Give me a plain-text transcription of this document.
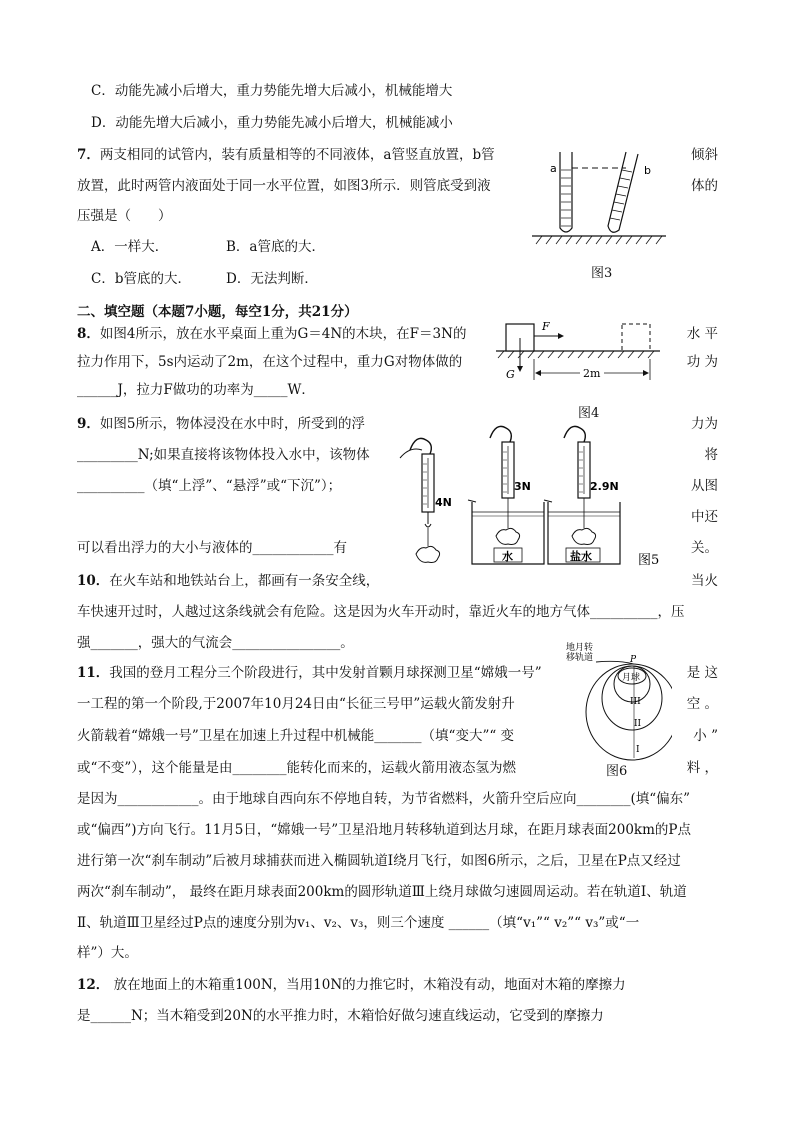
C．动能先减小后增大，重力势能先增大后减小，机械能增大
D．动能先增大后减小，重力势能先减小后增大，机械能减小
7．两支相同的试管内，装有质量相等的不同液体，a管竖直放置，b管	倾斜
放置，此时两管内液面处于同一水平位置，如图3所示．则管底受到液	体的
压强是（　　）
A．一样大．	B．a管底的大．
C．b管底的大．	D．无法判断．
a	b
图3
二、填空题（本题7小题，每空1分，共21分）
8．如图4所示，放在水平桌面上重为G＝4N的木块，在F＝3N的	水 平
拉力作用下，5s内运动了2m，在这个过程中，重力G对物体做的	功 为
______J，拉力F做功的功率为_____W．
F
G	2m
图4
9．如图5所示，物体浸没在水中时，所受到的浮	力为
_________N;如果直接将该物体投入水中，该物体	将
__________（填“上浮”、“悬浮”或“下沉”）；	从图
中还
可以看出浮力的大小与液体的____________有	关。
4N
3N
水
2.9N
盐水	图5
10．在火车站和地铁站台上，都画有一条安全线，	当火
车快速开过时，人越过这条线就会有危险。这是因为火车开动时，靠近火车的地方气体__________，压
强_______，强大的气流会________________。
11．我国的登月工程分三个阶段进行，其中发射首颗月球探测卫星“嫦娥一号”	是 这
一工程的第一个阶段,于2007年10月24日由“长征三号甲”运载火箭发射升	空 。
火箭载着“嫦娥一号”卫星在加速上升过程中机械能_______（填“变大”“ 变	小 ”
或“不变”），这个能量是由________能转化而来的，运载火箭用液态氢为燃	料 ，
是因为____________。由于地球自西向东不停地自转，为节省燃料，火箭升空后应向________(填“偏东”
或“偏西”)方向飞行。11月5日，“嫦娥一号”卫星沿地月转移轨道到达月球，在距月球表面200km的P点
进行第一次“刹车制动”后被月球捕获而进入椭圆轨道Ⅰ绕月飞行，如图6所示，之后，卫星在P点又经过
两次“刹车制动”， 最终在距月球表面200km的圆形轨道Ⅲ上绕月球做匀速圆周运动。若在轨道Ⅰ、轨道
Ⅱ、轨道Ⅲ卫星经过P点的速度分别为v₁、v₂、v₃，则三个速度 ______（填“v₁”“ v₂”“ v₃”或“一
样”）大。
地月转
移轨道	P
月球
III
II
I
图6
12． 放在地面上的木箱重100N，当用10N的力推它时，木箱没有动，地面对木箱的摩擦力
是______N；当木箱受到20N的水平推力时，木箱恰好做匀速直线运动，它受到的摩擦力
